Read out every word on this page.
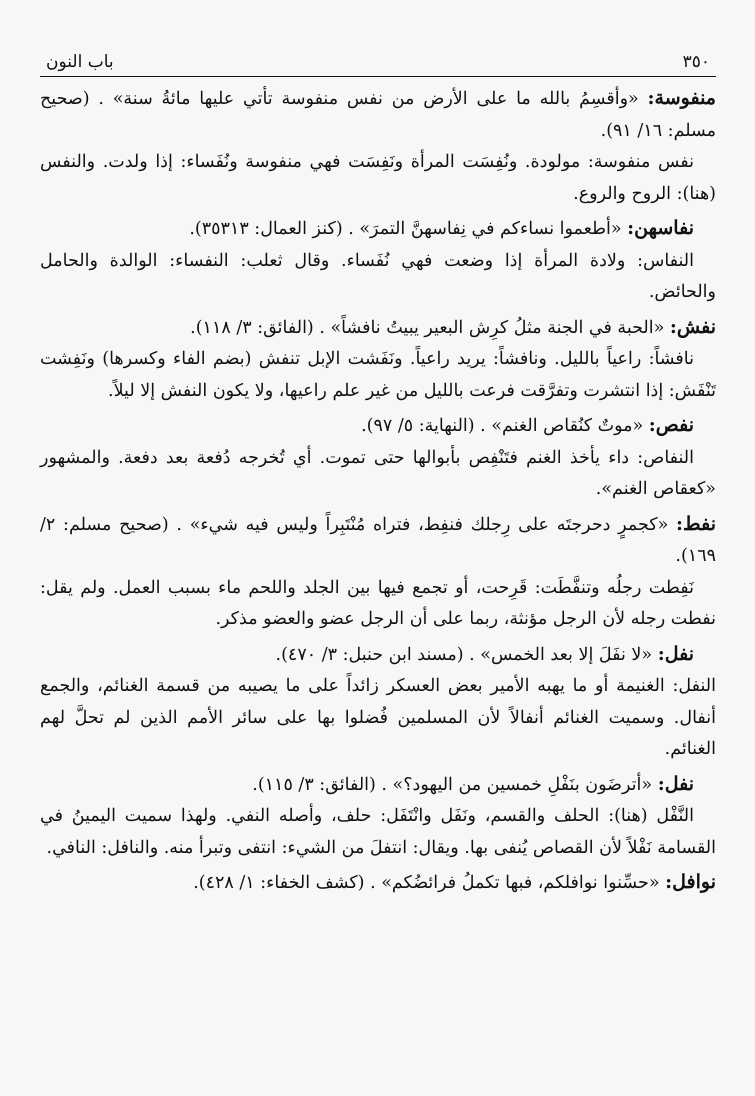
٣٥٠
باب النون
منفوسة: «وأقسِمُ بالله ما على الأرض من نفس منفوسة تأتي عليها مائةُ سنة» . (صحيح مسلم: ١٦/ ٩١).
نفس منفوسة: مولودة. ونُفِسَت المرأة ونَفِسَت فهي منفوسة ونُفَساء: إذا ولدت. والنفس (هنا): الروح والروع.
نفاسهن: «أطعموا نساءكم في نِفاسهنَّ التمرَ» . (كنز العمال: ٣٥٣١٣).
النفاس: ولادة المرأة إذا وضعت فهي نُفَساء. وقال ثعلب: النفساء: الوالدة والحامل والحائض.
نفش: «الحبة في الجنة مثلُ كرِش البعير يبيتُ نافشاً» . (الفائق: ٣/ ١١٨).
نافشاً: راعياً بالليل. ونافشاً: يريد راعياً. ونَفَشت الإبل تنفش (بضم الفاء وكسرها) ونَفِشت تَنْفَش: إذا انتشرت وتفرَّقت فرعت بالليل من غير علم راعيها، ولا يكون النفش إلا ليلاً.
نفص: «موتٌ كنُقاص الغنم» . (النهاية: ٥/ ٩٧).
النفاص: داء يأخذ الغنم فتَنْفِص بأبوالها حتى تموت. أي تُخرجه دُفعة بعد دفعة. والمشهور «كعقاص الغنم».
نفط: «كجمرٍ دحرجتَه على رِجلك فنفِط، فتراه مُنْتَبِراً وليس فيه شيء» . (صحيح مسلم: ٢/ ١٦٩).
نَفِطت رجلُه وتنفَّطَت: قَرِحت، أو تجمع فيها بين الجلد واللحم ماء بسبب العمل. ولم يقل: نفطت رجله لأن الرجل مؤنثة، ربما على أن الرجل عضو والعضو مذكر.
نفل: «لا نفَلَ إلا بعد الخمس» . (مسند ابن حنبل: ٣/ ٤٧٠).
النفل: الغنيمة أو ما يهبه الأمير بعض العسكر زائداً على ما يصيبه من قسمة الغنائم، والجمع أنفال. وسميت الغنائم أنفالاً لأن المسلمين فُضلوا بها على سائر الأمم الذين لم تحلَّ لهم الغنائم.
نفل: «أترضَون بنَفْلِ خمسين من اليهود؟» . (الفائق: ٣/ ١١٥).
النَّفْل (هنا): الحلف والقسم، ونَفَل وانْتَفَل: حلف، وأصله النفي. ولهذا سميت اليمينُ في القسامة نَفْلاً لأن القصاص يُنفى بها. ويقال: انتفلَ من الشيء: انتفى وتبرأ منه. والنافل: النافي.
نوافل: «حسِّنوا نوافلكم، فبها تكملُ فرائضُكم» . (كشف الخفاء: ١/ ٤٢٨).
